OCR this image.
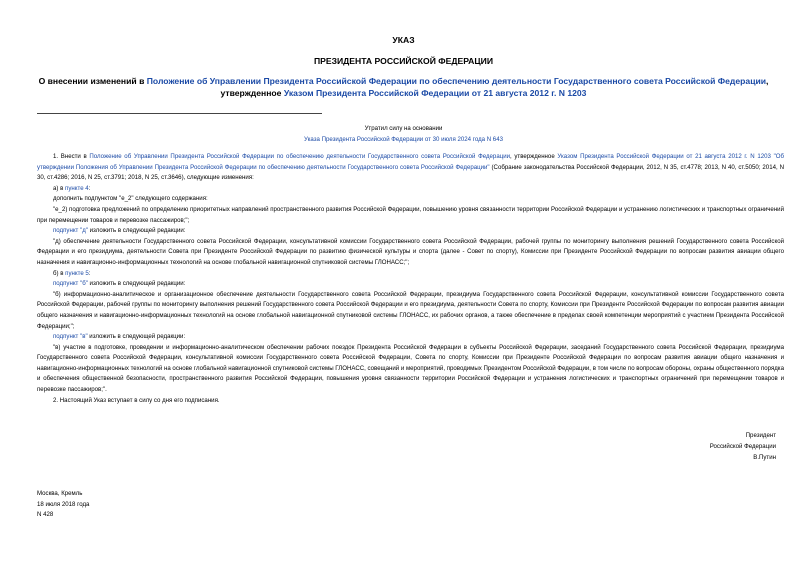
УКАЗ
ПРЕЗИДЕНТА РОССИЙСКОЙ ФЕДЕРАЦИИ
О внесении изменений в Положение об Управлении Президента Российской Федерации по обеспечению деятельности Государственного совета Российской Федерации, утвержденное Указом Президента Российской Федерации от 21 августа 2012 г. N 1203
Утратил силу на основании
Указа Президента Российской Федерации от 30 июля 2024 года N 643

1. Внести в Положение об Управлении Президента Российской Федерации по обеспечению деятельности Государственного совета Российской Федерации, утвержденное Указом Президента Российской Федерации от 21 августа 2012 г. N 1203 "Об утверждении Положения об Управлении Президента Российской Федерации по обеспечению деятельности Государственного совета Российской Федерации" (Собрание законодательства Российской Федерации, 2012, N 35, ст.4778; 2013, N 40, ст.5050; 2014, N 30, ст.4286; 2016, N 25, ст.3791; 2018, N 25, ст.3646), следующие изменения:

а) в пункте 4:

дополнить подпунктом "е_2" следующего содержания:

"е_2) подготовка предложений по определению приоритетных направлений пространственного развития Российской Федерации, повышению уровня связанности территории Российской Федерации и устранению логистических и транспортных ограничений при перемещении товаров и перевозке пассажиров;";

подпункт "д" изложить в следующей редакции:

"д) обеспечение деятельности Государственного совета Российской Федерации, консультативной комиссии Государственного совета Российской Федерации, рабочей группы по мониторингу выполнения решений Государственного совета Российской Федерации и его президиума, деятельности Совета при Президенте Российской Федерации по развитию физической культуры и спорта (далее - Совет по спорту), Комиссии при Президенте Российской Федерации по вопросам развития авиации общего назначения и навигационно-информационных технологий на основе глобальной навигационной спутниковой системы ГЛОНАСС;";

б) в пункте 5:

подпункт "б" изложить в следующей редакции:

"б) информационно-аналитическое и организационное обеспечение деятельности Государственного совета Российской Федерации, президиума Государственного совета Российской Федерации, консультативной комиссии Государственного совета Российской Федерации, рабочей группы по мониторингу выполнения решений Государственного совета Российской Федерации и его президиума, деятельности Совета по спорту, Комиссии при Президенте Российской Федерации по вопросам развития авиации общего назначения и навигационно-информационных технологий на основе глобальной навигационной спутниковой системы ГЛОНАСС, их рабочих органов, а также обеспечение в пределах своей компетенции мероприятий с участием Президента Российской Федерации;";

подпункт "в" изложить в следующей редакции:

"в) участие в подготовке, проведении и информационно-аналитическом обеспечении рабочих поездок Президента Российской Федерации в субъекты Российской Федерации, заседаний Государственного совета Российской Федерации, президиума Государственного совета Российской Федерации, консультативной комиссии Государственного совета Российской Федерации, Совета по спорту, Комиссии при Президенте Российской Федерации по вопросам развития авиации общего назначения и навигационно-информационных технологий на основе глобальной навигационной спутниковой системы ГЛОНАСС, совещаний и мероприятий, проводимых Президентом Российской Федерации, в том числе по вопросам обороны, охраны общественного порядка и обеспечения общественной безопасности, пространственного развития Российской Федерации, повышения уровня связанности территории Российской Федерации и устранения логистических и транспортных ограничений при перемещении товаров и перевозке пассажиров;".

2. Настоящий Указ вступает в силу со дня его подписания.

Президент
Российской Федерации
В.Путин
Москва, Кремль
18 июля 2018 года
N 428
